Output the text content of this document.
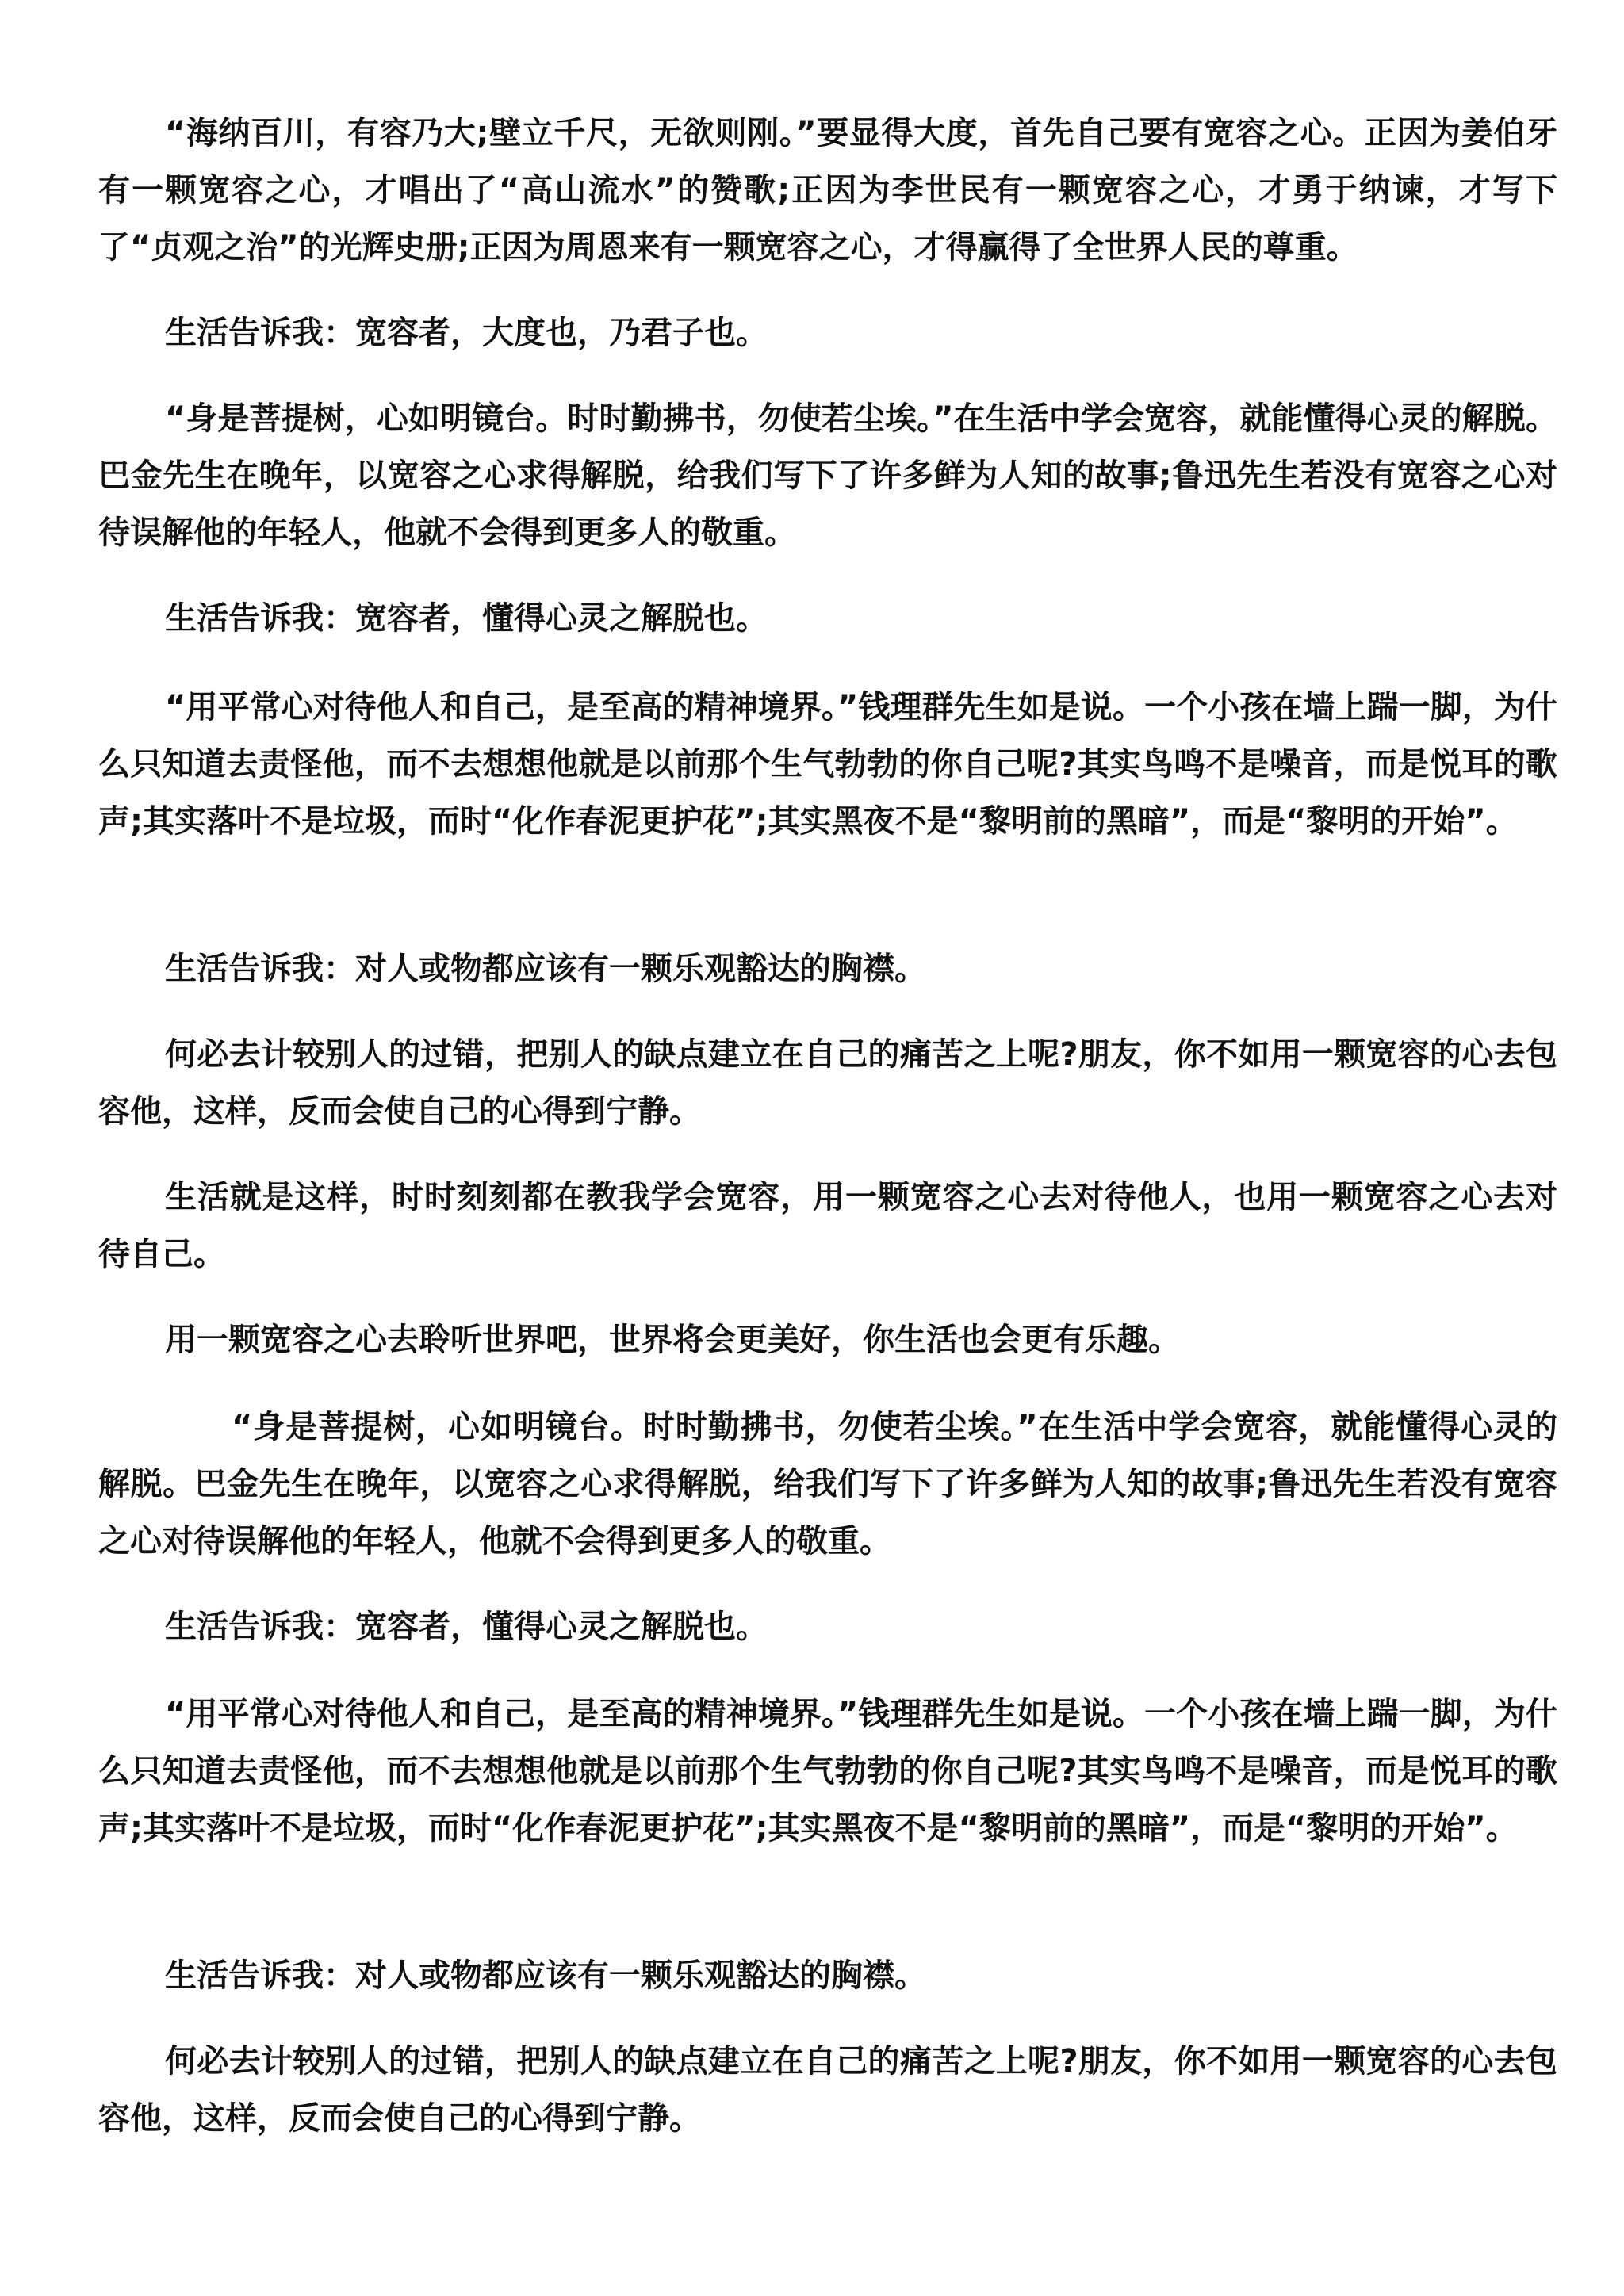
“海纳百川，有容乃大;壁立千尺，无欲则刚。”要显得大度，首先自己要有宽容之心。正因为姜伯牙有一颗宽容之心，才唱出了“高山流水”的赞歌;正因为李世民有一颗宽容之心，才勇于纳谏，才写下了“贞观之治”的光辉史册;正因为周恩来有一颗宽容之心，才得赢得了全世界人民的尊重。

生活告诉我：宽容者，大度也，乃君子也。

“身是菩提树，心如明镜台。时时勤拂书，勿使若尘埃。”在生活中学会宽容，就能懂得心灵的解脱。巴金先生在晚年，以宽容之心求得解脱，给我们写下了许多鲜为人知的故事;鲁迅先生若没有宽容之心对待误解他的年轻人，他就不会得到更多人的敬重。

生活告诉我：宽容者，懂得心灵之解脱也。

“用平常心对待他人和自己，是至高的精神境界。”钱理群先生如是说。一个小孩在墙上踹一脚，为什么只知道去责怪他，而不去想想他就是以前那个生气勃勃的你自己呢?其实鸟鸣不是噪音，而是悦耳的歌声;其实落叶不是垃圾，而时“化作春泥更护花”;其实黑夜不是“黎明前的黑暗”，而是“黎明的开始”。

生活告诉我：对人或物都应该有一颗乐观豁达的胸襟。

何必去计较别人的过错，把别人的缺点建立在自己的痛苦之上呢?朋友，你不如用一颗宽容的心去包容他，这样，反而会使自己的心得到宁静。

生活就是这样，时时刻刻都在教我学会宽容，用一颗宽容之心去对待他人，也用一颗宽容之心去对待自己。

用一颗宽容之心去聆听世界吧，世界将会更美好，你生活也会更有乐趣。

“身是菩提树，心如明镜台。时时勤拂书，勿使若尘埃。”在生活中学会宽容，就能懂得心灵的解脱。巴金先生在晚年，以宽容之心求得解脱，给我们写下了许多鲜为人知的故事;鲁迅先生若没有宽容之心对待误解他的年轻人，他就不会得到更多人的敬重。

生活告诉我：宽容者，懂得心灵之解脱也。

“用平常心对待他人和自己，是至高的精神境界。”钱理群先生如是说。一个小孩在墙上踹一脚，为什么只知道去责怪他，而不去想想他就是以前那个生气勃勃的你自己呢?其实鸟鸣不是噪音，而是悦耳的歌声;其实落叶不是垃圾，而时“化作春泥更护花”;其实黑夜不是“黎明前的黑暗”，而是“黎明的开始”。

生活告诉我：对人或物都应该有一颗乐观豁达的胸襟。

何必去计较别人的过错，把别人的缺点建立在自己的痛苦之上呢?朋友，你不如用一颗宽容的心去包容他，这样，反而会使自己的心得到宁静。
